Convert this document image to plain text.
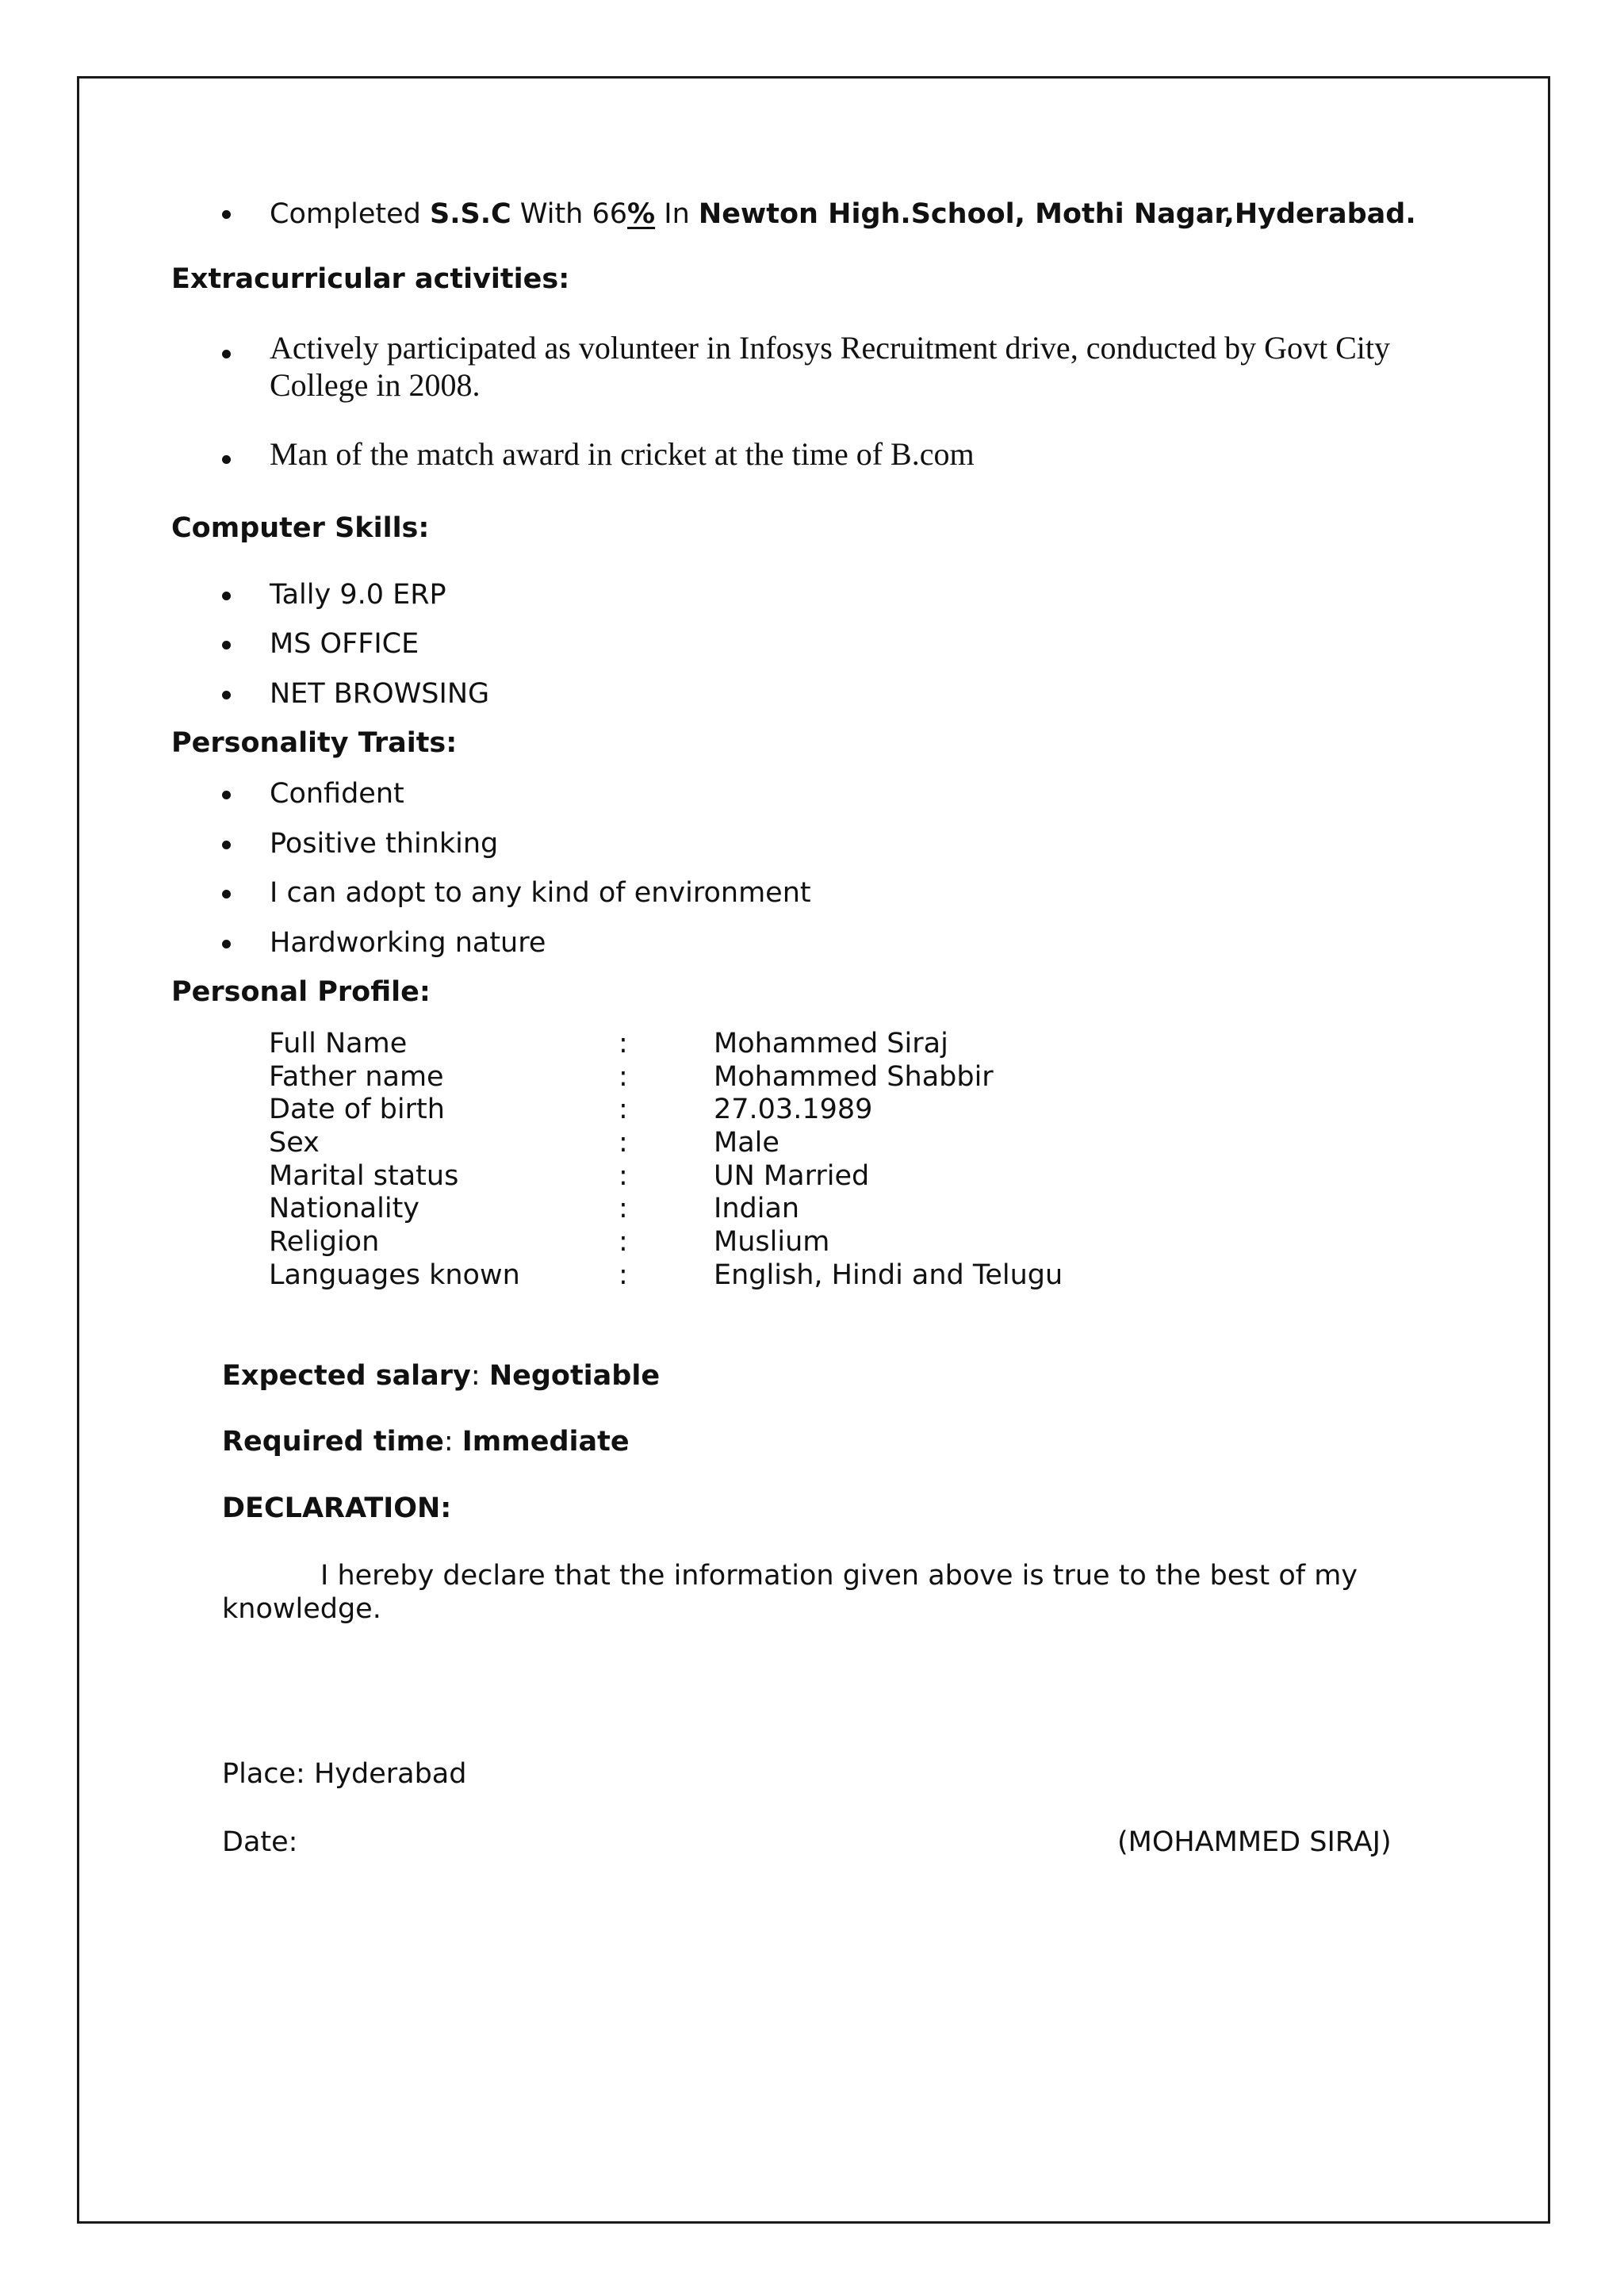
Completed S.S.C With 66% In Newton High.School, Mothi Nagar,Hyderabad.
Extracurricular activities:
Actively participated as volunteer in Infosys Recruitment drive, conducted by Govt City
College in 2008.
Man of the match award in cricket at the time of B.com
Computer Skills:
Tally 9.0 ERP
MS OFFICE
NET BROWSING
Personality Traits:
Confident
Positive thinking
I can adopt to any kind of environment
Hardworking nature
Personal Profile:
Full Name	:	Mohammed Siraj
Father name	:	Mohammed Shabbir
Date of birth	:	27.03.1989
Sex	:	Male
Marital status	:	UN Married
Nationality	:	Indian
Religion	:	Muslium
Languages known	:	English, Hindi and Telugu
Expected salary: Negotiable
Required time: Immediate
DECLARATION:
I hereby declare that the information given above is true to the best of my
knowledge.
Place: Hyderabad
Date:	(MOHAMMED SIRAJ)
